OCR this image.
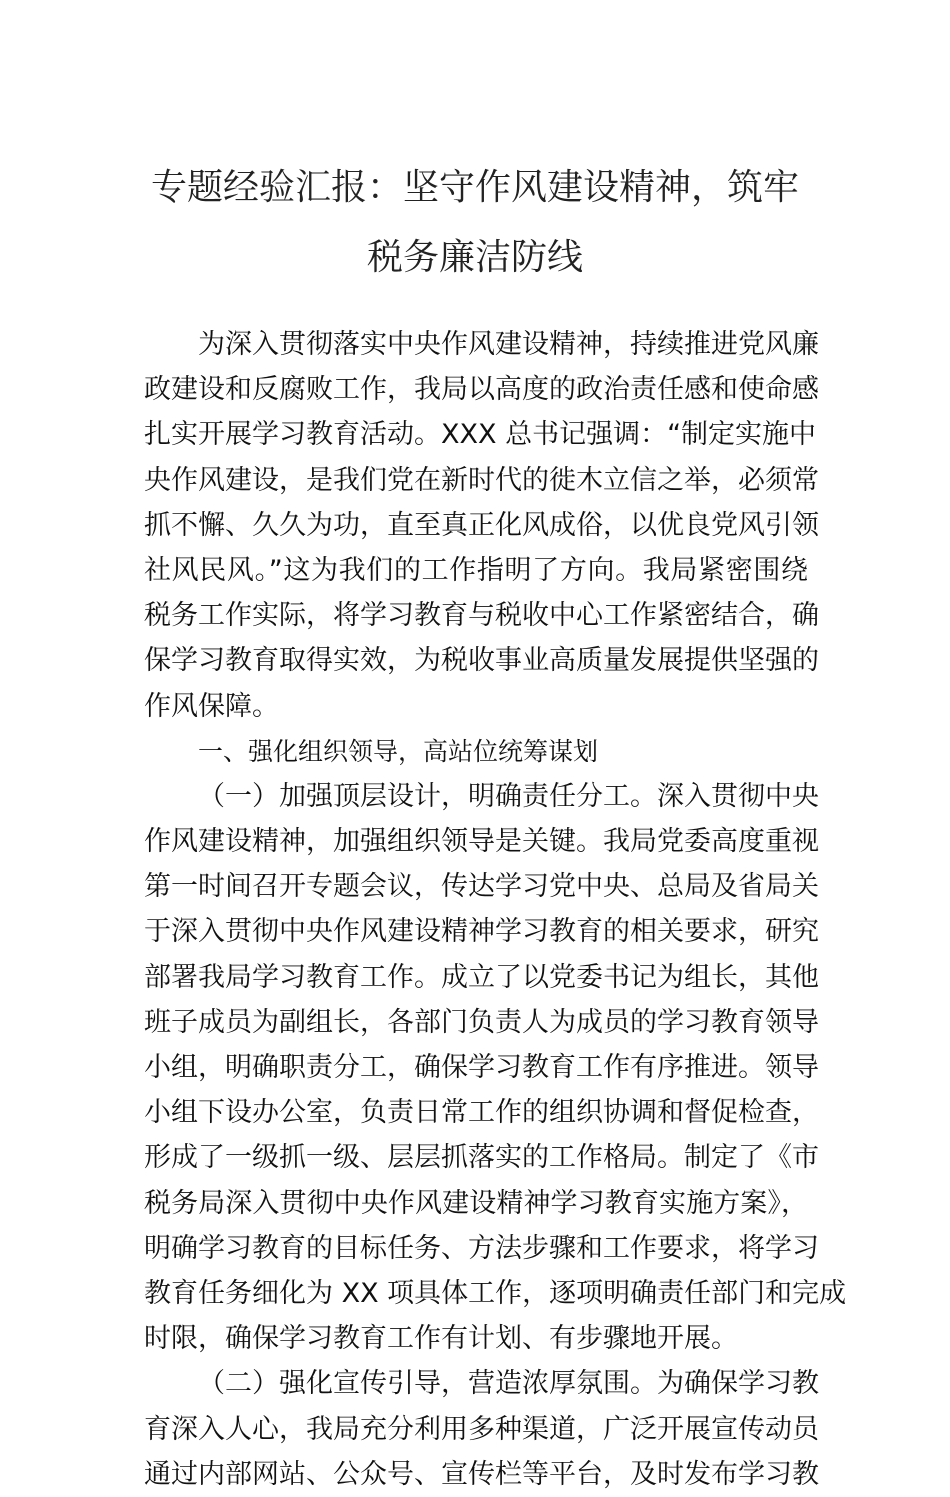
专题经验汇报：坚守作风建设精神，筑牢
税务廉洁防线
为深入贯彻落实中央作风建设精神，持续推进党风廉
政建设和反腐败工作，我局以高度的政治责任感和使命感
扎实开展学习教育活动。XXX 总书记强调：“制定实施中
央作风建设，是我们党在新时代的徙木立信之举，必须常
抓不懈、久久为功，直至真正化风成俗，以优良党风引领
社风民风。”这为我们的工作指明了方向。我局紧密围绕
税务工作实际，将学习教育与税收中心工作紧密结合，确
保学习教育取得实效，为税收事业高质量发展提供坚强的
作风保障。
一、强化组织领导，高站位统筹谋划
（一）加强顶层设计，明确责任分工。深入贯彻中央
作风建设精神，加强组织领导是关键。我局党委高度重视
第一时间召开专题会议，传达学习党中央、总局及省局关
于深入贯彻中央作风建设精神学习教育的相关要求，研究
部署我局学习教育工作。成立了以党委书记为组长，其他
班子成员为副组长，各部门负责人为成员的学习教育领导
小组，明确职责分工，确保学习教育工作有序推进。领导
小组下设办公室，负责日常工作的组织协调和督促检查，
形成了一级抓一级、层层抓落实的工作格局。制定了《市
税务局深入贯彻中央作风建设精神学习教育实施方案》，
明确学习教育的目标任务、方法步骤和工作要求，将学习
教育任务细化为 XX 项具体工作，逐项明确责任部门和完成
时限，确保学习教育工作有计划、有步骤地开展。
（二）强化宣传引导，营造浓厚氛围。为确保学习教
育深入人心，我局充分利用多种渠道，广泛开展宣传动员
通过内部网站、公众号、宣传栏等平台，及时发布学习教
